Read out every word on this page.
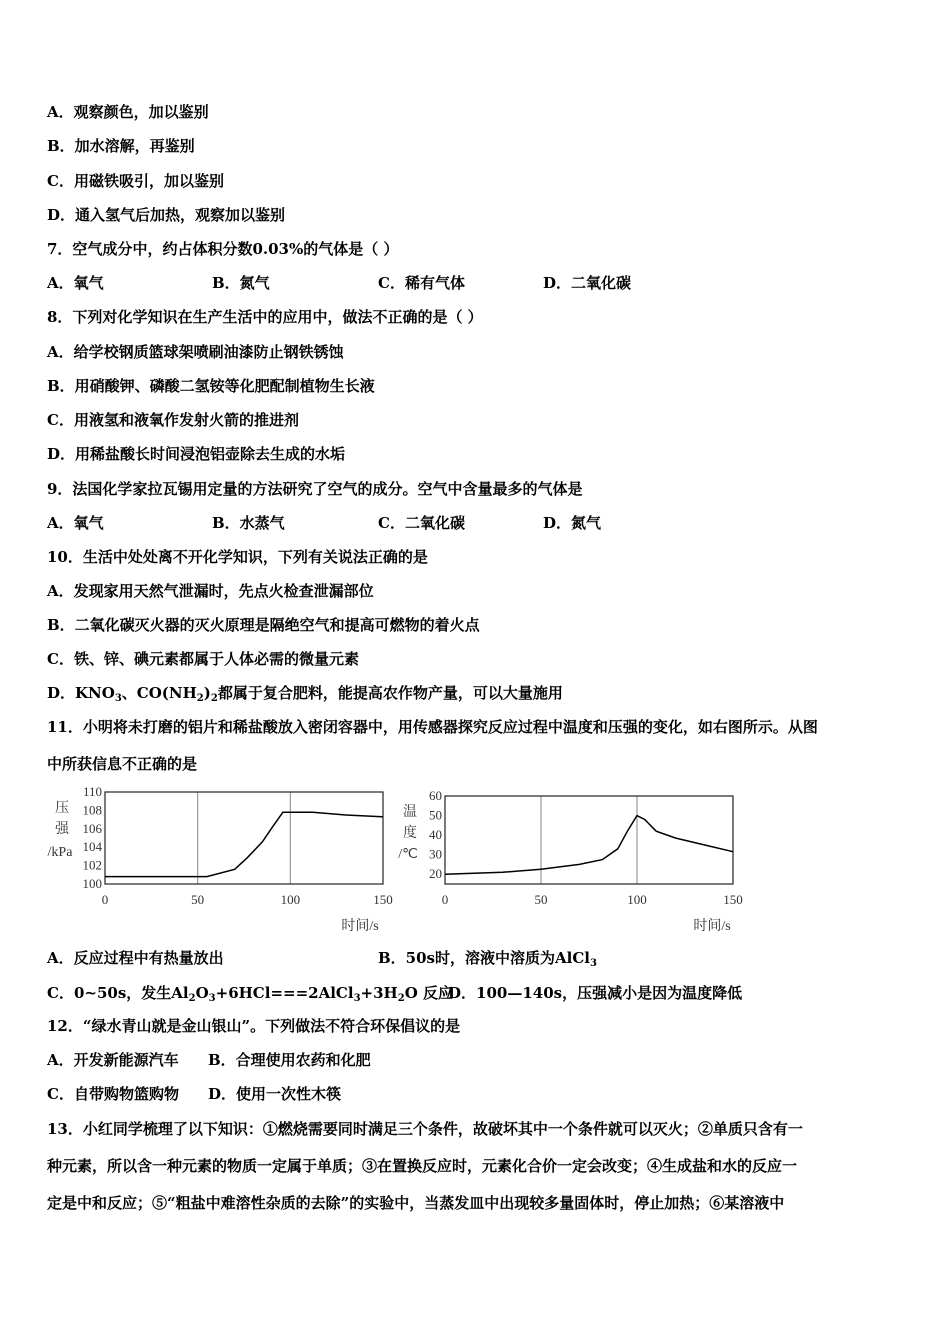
A．观察颜色，加以鉴别
B．加水溶解，再鉴别
C．用磁铁吸引，加以鉴别
D．通入氢气后加热，观察加以鉴别
7．空气成分中，约占体积分数0.03%的气体是（ ）
A．氧气	B．氮气	C．稀有气体	D．二氧化碳
8．下列对化学知识在生产生活中的应用中，做法不正确的是（ ）
A．给学校钢质篮球架喷刷油漆防止钢铁锈蚀
B．用硝酸钾、磷酸二氢铵等化肥配制植物生长液
C．用液氢和液氧作发射火箭的推进剂
D．用稀盐酸长时间浸泡铝壶除去生成的水垢
9．法国化学家拉瓦锡用定量的方法研究了空气的成分。空气中含量最多的气体是
A．氧气	B．水蒸气	C．二氧化碳	D．氮气
10．生活中处处离不开化学知识，下列有关说法正确的是
A．发现家用天然气泄漏时，先点火检查泄漏部位
B．二氧化碳灭火器的灭火原理是隔绝空气和提高可燃物的着火点
C．铁、锌、碘元素都属于人体必需的微量元素
D．$KNO_3$、$CO(NH_2)_2$都属于复合肥料，能提高农作物产量，可以大量施用
11．小明将未打磨的铝片和稀盐酸放入密闭容器中，用传感器探究反应过程中温度和压强的变化，如右图所示。从图
中所获信息不正确的是
100
102
104
106
108
110
0	50	100	150
压
强
/kPa
时间/s
20
30
40
50
60
0	50	100	150
温
度
/℃
时间/s
A．反应过程中有热量放出	B．50s时，溶液中溶质为AlCl$_3$
C．0~50s，发生$Al_2O_3+6HCl===2AlCl_3+3H_2O$ 反应
D．100—140s，压强减小是因为温度降低
12．“绿水青山就是金山银山”。下列做法不符合环保倡议的是
A．开发新能源汽车 B．合理使用农药和化肥
C．自带购物篮购物 D．使用一次性木筷
13．小红同学梳理了以下知识：①燃烧需要同时满足三个条件，故破坏其中一个条件就可以灭火；②单质只含有一
种元素，所以含一种元素的物质一定属于单质；③在置换反应时，元素化合价一定会改变；④生成盐和水的反应一
定是中和反应；⑤“粗盐中难溶性杂质的去除”的实验中，当蒸发皿中出现较多量固体时，停止加热；⑥某溶液中
